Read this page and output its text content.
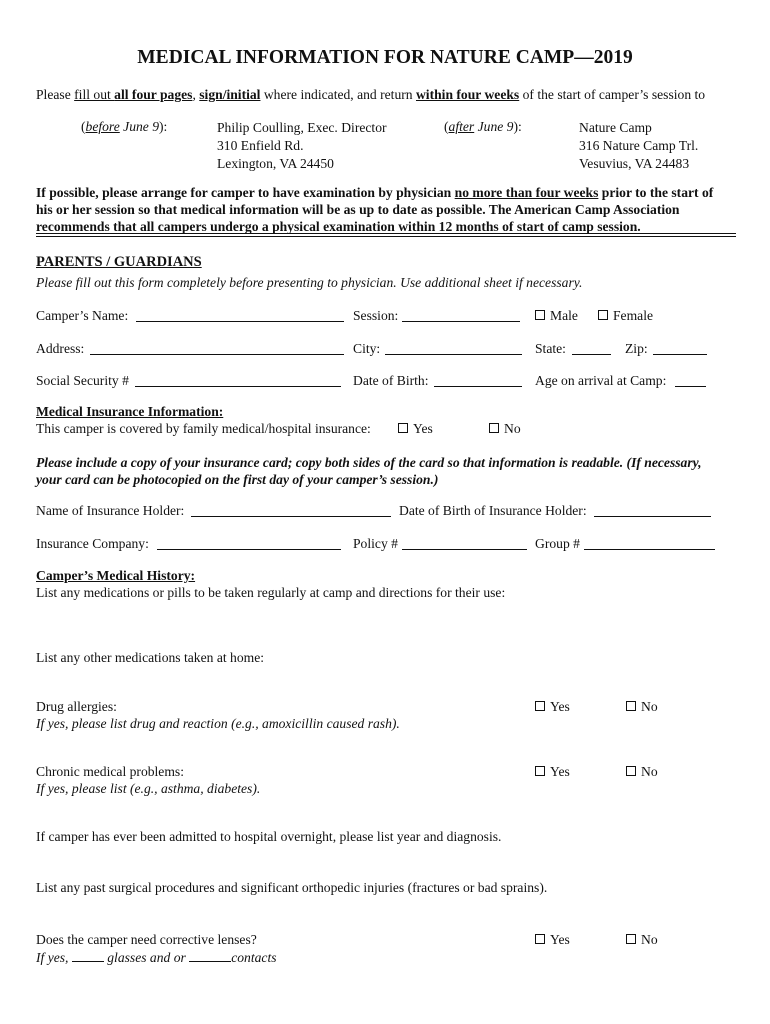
MEDICAL INFORMATION FOR NATURE CAMP—2019
Please fill out all four pages, sign/initial where indicated, and return within four weeks of the start of camper’s session to
(before June 9):	Philip Coulling, Exec. Director
310 Enfield Rd.
Lexington, VA 24450
(after June 9):	Nature Camp
316 Nature Camp Trl.
Vesuvius, VA 24483
If possible, please arrange for camper to have examination by physician no more than four weeks prior to the start of
his or her session so that medical information will be as up to date as possible. The American Camp Association
recommends that all campers undergo a physical examination within 12 months of start of camp session.
PARENTS / GUARDIANS
Please fill out this form completely before presenting to physician. Use additional sheet if necessary.
Camper’s Name:	Session:	Male	Female
Address:	City:	State:	Zip:
Social Security #	Date of Birth:	Age on arrival at Camp:
Medical Insurance Information:
This camper is covered by family medical/hospital insurance:	Yes	No
Please include a copy of your insurance card; copy both sides of the card so that information is readable. (If necessary,
your card can be photocopied on the first day of your camper’s session.)
Name of Insurance Holder:	Date of Birth of Insurance Holder:
Insurance Company:	Policy #	Group #
Camper’s Medical History:
List any medications or pills to be taken regularly at camp and directions for their use:
List any other medications taken at home:
Drug allergies:
If yes, please list drug and reaction (e.g., amoxicillin caused rash).
Yes	No
Chronic medical problems:
If yes, please list (e.g., asthma, diabetes).
Yes	No
If camper has ever been admitted to hospital overnight, please list year and diagnosis.
List any past surgical procedures and significant orthopedic injuries (fractures or bad sprains).
Does the camper need corrective lenses?	Yes	No
If yes,  glasses and or	contacts
